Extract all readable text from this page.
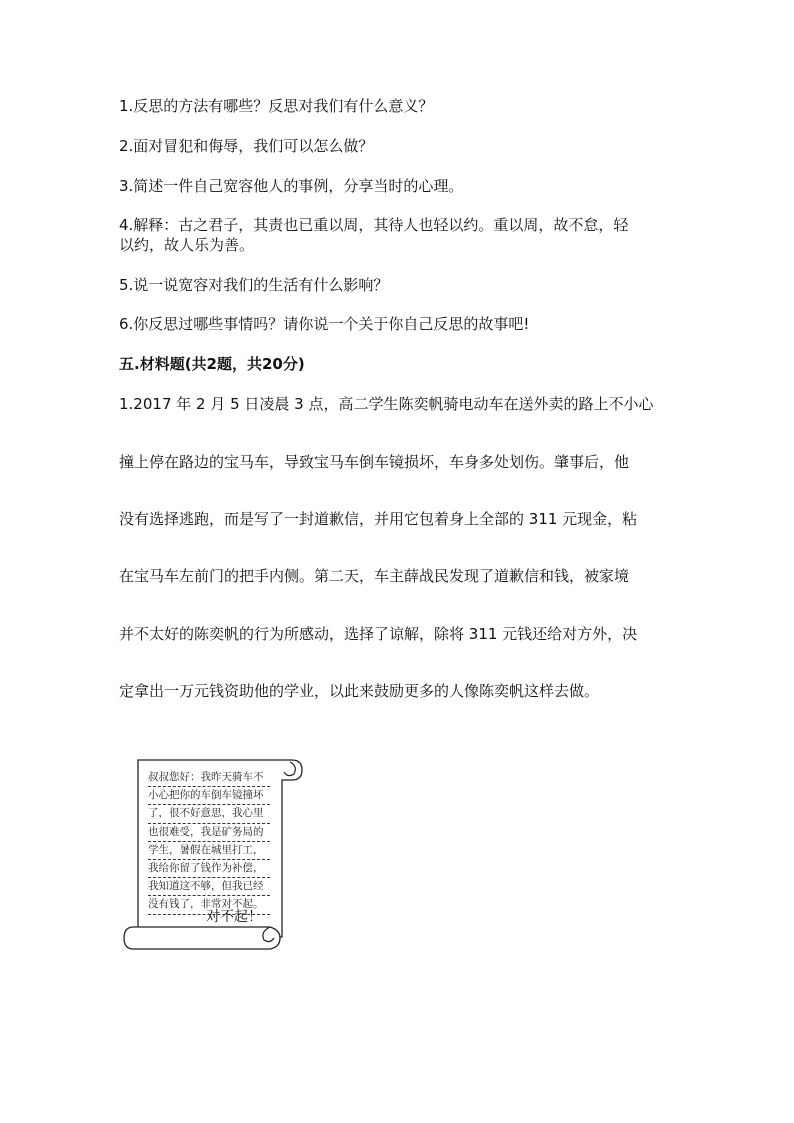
1.反思的方法有哪些？反思对我们有什么意义？
2.面对冒犯和侮辱，我们可以怎么做？
3.简述一件自己宽容他人的事例，分享当时的心理。
4.解释：古之君子，其责也已重以周，其待人也轻以约。重以周，故不怠，轻
以约，故人乐为善。
5.说一说宽容对我们的生活有什么影响？
6.你反思过哪些事情吗？请你说一个关于你自己反思的故事吧!
五.材料题(共2题，共20分)
1.2017 年 2 月 5 日凌晨 3 点，高二学生陈奕帆骑电动车在送外卖的路上不小心
撞上停在路边的宝马车，导致宝马车倒车镜损坏，车身多处划伤。肇事后，他
没有选择逃跑，而是写了一封道歉信，并用它包着身上全部的 311 元现金，粘
在宝马车左前门的把手内侧。第二天，车主薛战民发现了道歉信和钱，被家境
并不太好的陈奕帆的行为所感动，选择了谅解，除将 311 元钱还给对方外，决
定拿出一万元钱资助他的学业，以此来鼓励更多的人像陈奕帆这样去做。
叔叔您好：我昨天骑车不
小心把你的车倒车镜撞坏
了，很不好意思，我心里
也很难受，我是矿务局的
学生，暑假在城里打工，
我给你留了钱作为补偿，
我知道这不够，但我已经
没有钱了，非常对不起。
对不起！
